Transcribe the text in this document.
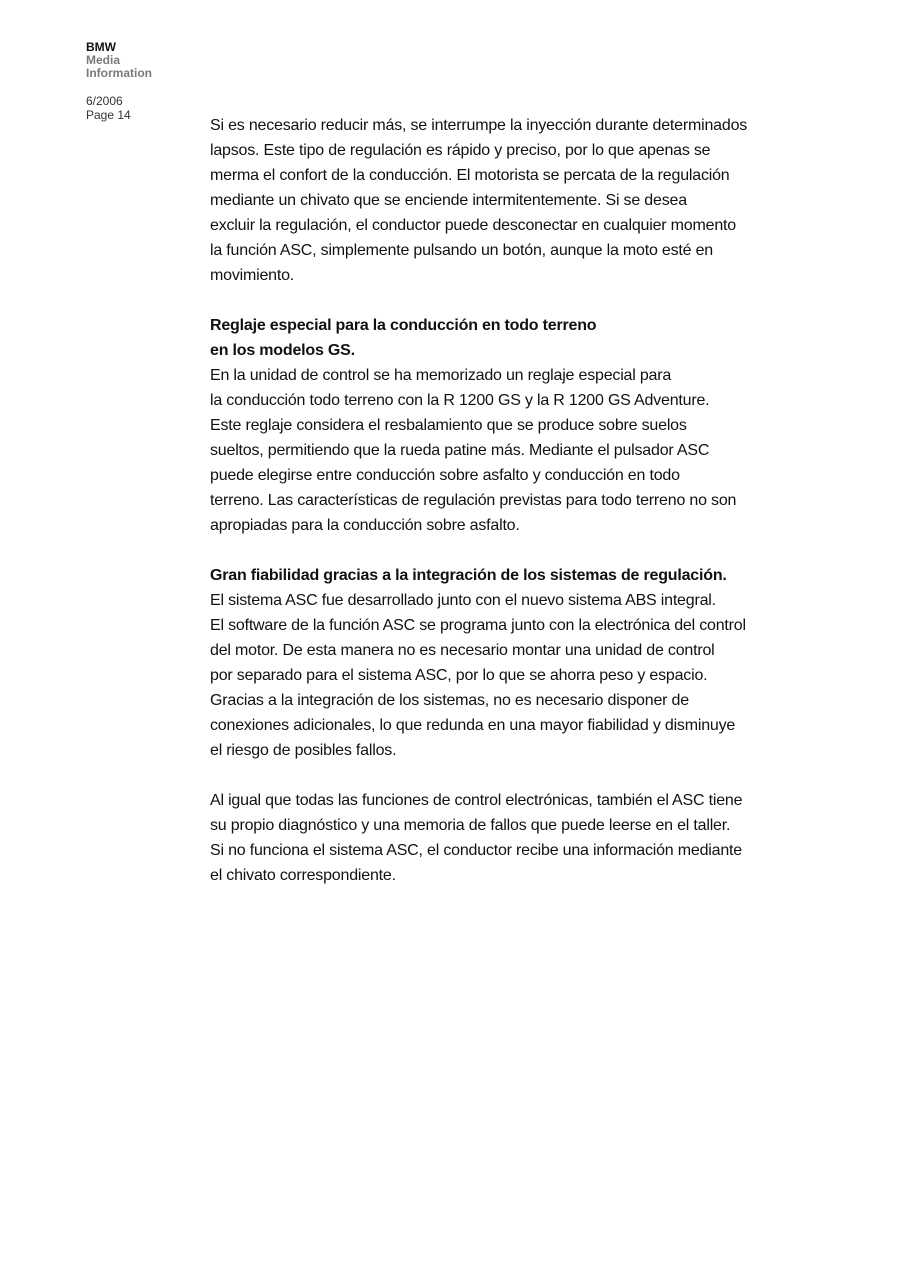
BMW
Media
Information
6/2006
Page 14
Si es necesario reducir más, se interrumpe la inyección durante determinados
lapsos. Este tipo de regulación es rápido y preciso, por lo que apenas se
merma el confort de la conducción. El motorista se percata de la regulación
mediante un chivato que se enciende intermitentemente. Si se desea
excluir la regulación, el conductor puede desconectar en cualquier momento
la función ASC, simplemente pulsando un botón, aunque la moto esté en
movimiento.
Reglaje especial para la conducción en todo terreno
en los modelos GS.
En la unidad de control se ha memorizado un reglaje especial para
la conducción todo terreno con la R 1200 GS y la R 1200 GS Adventure.
Este reglaje considera el resbalamiento que se produce sobre suelos
sueltos, permitiendo que la rueda patine más. Mediante el pulsador ASC
puede elegirse entre conducción sobre asfalto y conducción en todo
terreno. Las características de regulación previstas para todo terreno no son
apropiadas para la conducción sobre asfalto.
Gran fiabilidad gracias a la integración de los sistemas de regulación.
El sistema ASC fue desarrollado junto con el nuevo sistema ABS integral.
El software de la función ASC se programa junto con la electrónica del control
del motor. De esta manera no es necesario montar una unidad de control
por separado para el sistema ASC, por lo que se ahorra peso y espacio.
Gracias a la integración de los sistemas, no es necesario disponer de
conexiones adicionales, lo que redunda en una mayor fiabilidad y disminuye
el riesgo de posibles fallos.
Al igual que todas las funciones de control electrónicas, también el ASC tiene
su propio diagnóstico y una memoria de fallos que puede leerse en el taller.
Si no funciona el sistema ASC, el conductor recibe una información mediante
el chivato correspondiente.
